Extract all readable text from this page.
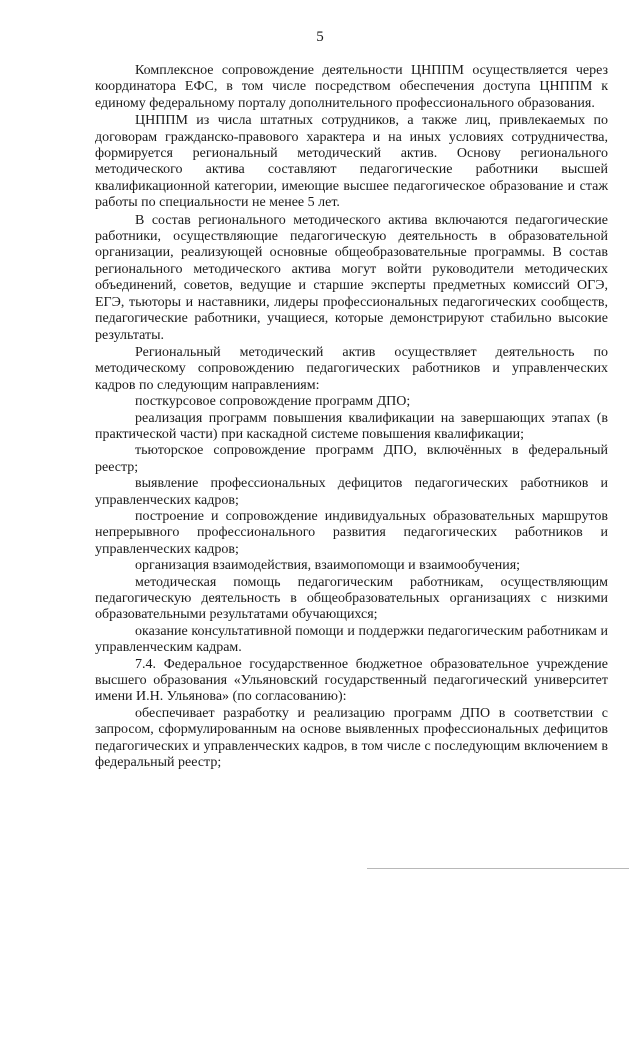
5

Комплексное сопровождение деятельности ЦНППМ осуществляется через координатора ЕФС, в том числе посредством обеспечения доступа ЦНППМ к единому федеральному порталу дополнительного профессионального образования.

ЦНППМ из числа штатных сотрудников, а также лиц, привлекаемых по договорам гражданско-правового характера и на иных условиях сотрудничества, формируется региональный методический актив. Основу регионального методического актива составляют педагогические работники высшей квалификационной категории, имеющие высшее педагогическое образование и стаж работы по специальности не менее 5 лет.

В состав регионального методического актива включаются педагогические работники, осуществляющие педагогическую деятельность в образовательной организации, реализующей основные общеобразовательные программы. В состав регионального методического актива могут войти руководители методических объединений, советов, ведущие и старшие эксперты предметных комиссий ОГЭ, ЕГЭ, тьюторы и наставники, лидеры профессиональных педагогических сообществ, педагогические работники, учащиеся, которые демонстрируют стабильно высокие результаты.

Региональный методический актив осуществляет деятельность по методическому сопровождению педагогических работников и управленческих кадров по следующим направлениям:

посткурсовое сопровождение программ ДПО;

реализация программ повышения квалификации на завершающих этапах (в практической части) при каскадной системе повышения квалификации;

тьюторское сопровождение программ ДПО, включённых в федеральный реестр;

выявление профессиональных дефицитов педагогических работников и управленческих кадров;

построение и сопровождение индивидуальных образовательных маршрутов непрерывного профессионального развития педагогических работников и управленческих кадров;

организация взаимодействия, взаимопомощи и взаимообучения;

методическая помощь педагогическим работникам, осуществляющим педагогическую деятельность в общеобразовательных организациях с низкими образовательными результатами обучающихся;

оказание консультативной помощи и поддержки педагогическим работникам и управленческим кадрам.

7.4. Федеральное государственное бюджетное образовательное учреждение высшего образования «Ульяновский государственный педагогический университет имени И.Н. Ульянова» (по согласованию):

обеспечивает разработку и реализацию программ ДПО в соответствии с запросом, сформулированным на основе выявленных профессиональных дефицитов педагогических и управленческих кадров, в том числе с последующим включением в федеральный реестр;
